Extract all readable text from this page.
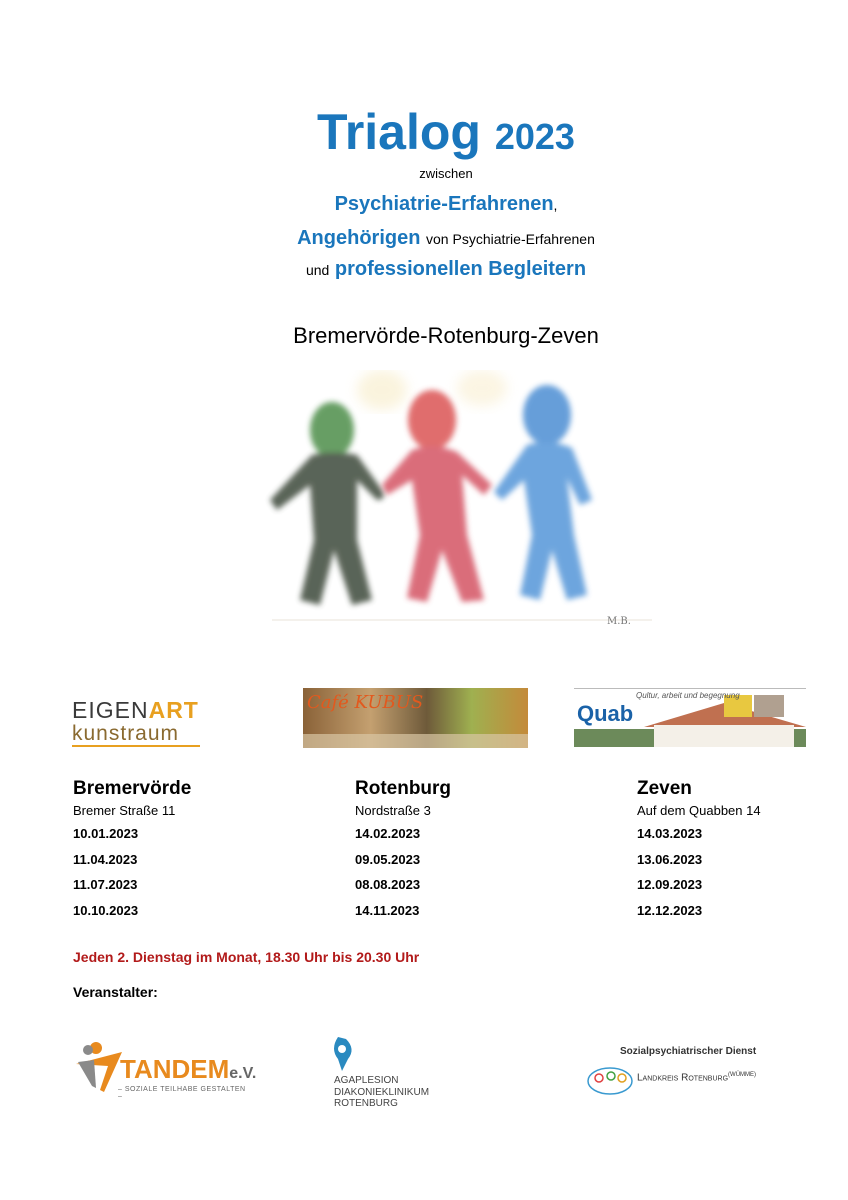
Trialog 2023
zwischen
Psychiatrie-Erfahrenen,
Angehörigen von Psychiatrie-Erfahrenen
und professionellen Begleitern
Bremervörde-Rotenburg-Zeven
M.B.
EIGENART
kunstraum
Café KUBUS	Quab
Qultur, arbeit und begegnung
Bremervörde
Bremer Straße 11
10.01.2023
11.04.2023
11.07.2023
10.10.2023
Rotenburg
Nordstraße 3
14.02.2023
09.05.2023
08.08.2023
14.11.2023
Zeven
Auf dem Quabben 14
14.03.2023
13.06.2023
12.09.2023
12.12.2023
Jeden 2. Dienstag im Monat, 18.30 Uhr bis 20.30 Uhr
Veranstalter:
TANDEMe.V.
– SOZIALE TEILHABE GESTALTEN –
AGAPLESION
DIAKONIEKLINIKUM ROTENBURG
Sozialpsychiatrischer Dienst
Landkreis Rotenburg$^{(WÜMME)}$
